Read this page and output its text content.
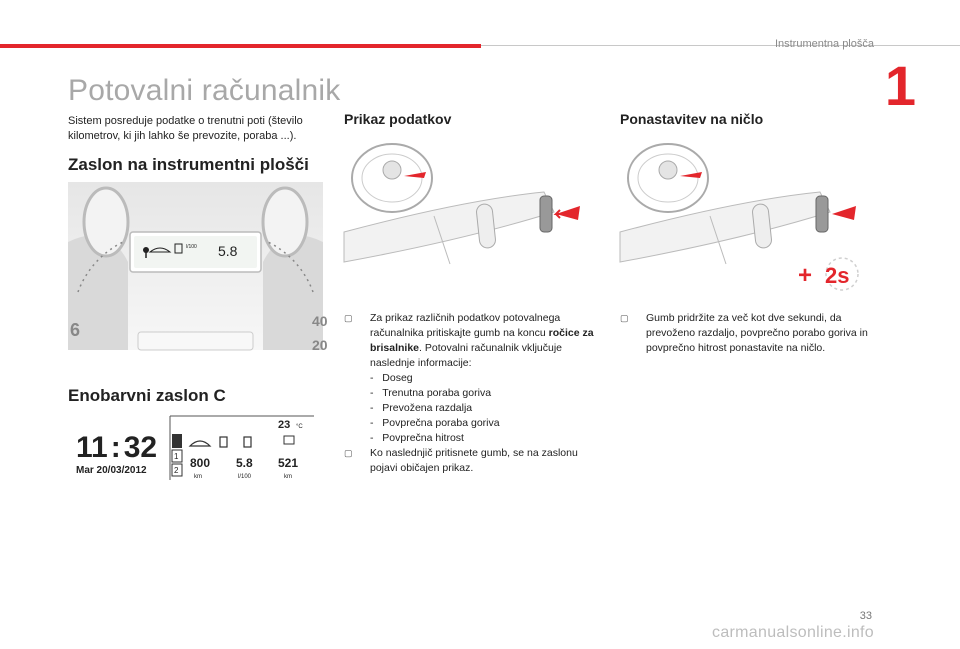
Instrumentna plošča
1
Potovalni računalnik
Sistem posreduje podatke o trenutni poti (število kilometrov, ki jih lahko še prevozite, poraba ...).
Zaslon na instrumentni plošči
l/100 5.8
6	40
20
Enobarvni zaslon C
11 : 32
Mar 20/03/2012
23 °C
1
2
800
km
5.8
l/100
521
km
Prikaz podatkov
▢	Za prikaz različnih podatkov potovalnega računalnika pritiskajte gumb na koncu ročice za brisalnike. Potovalni računalnik vključuje naslednje informacije:
- Doseg
- Trenutna poraba goriva
- Prevožena razdalja
- Povprečna poraba goriva
- Povprečna hitrost
▢	Ko naslednjič pritisnete gumb, se na zaslonu pojavi običajen prikaz.
Ponastavitev na ničlo
+ 2s
▢	Gumb pridržite za več kot dve sekundi, da prevoženo razdaljo, povprečno porabo goriva in povprečno hitrost ponastavite na ničlo.
33
carmanualsonline.info
